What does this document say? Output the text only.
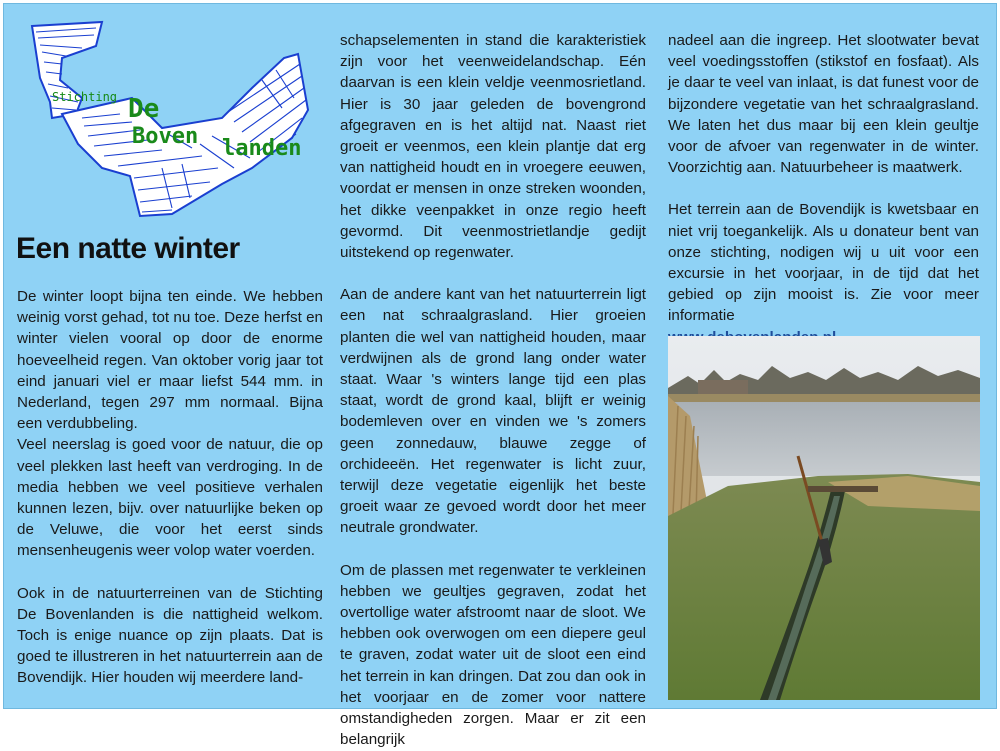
Stichting De
Boven landen
Een natte winter

De winter loopt bijna ten einde. We hebben weinig vorst gehad, tot nu toe. Deze herfst en winter vielen vooral op door de enorme hoeveelheid regen. Van oktober vorig jaar tot eind januari viel er maar liefst 544 mm. in Nederland, tegen 297 mm normaal. Bijna een verdubbeling.

Veel neerslag is goed voor de natuur, die op veel plekken last heeft van verdroging. In de media hebben we veel positieve verhalen kunnen lezen, bijv. over natuurlijke beken op de Veluwe, die voor het eerst sinds mensenheugenis weer volop water voerden.

Ook in de natuurterreinen van de Stichting De Bovenlanden is die nattigheid welkom. Toch is enige nuance op zijn plaats. Dat is goed te illustreren in het natuurterrein aan de Bovendijk. Hier houden wij meerdere land-

schapselementen in stand die karakteristiek zijn voor het veenweidelandschap. Eén daarvan is een klein veldje veenmosrietland. Hier is 30 jaar geleden de bovengrond afgegraven en is het altijd nat. Naast riet groeit er veenmos, een klein plantje dat erg van nattigheid houdt en in vroegere eeuwen, voordat er mensen in onze streken woonden, het dikke veenpakket in onze regio heeft gevormd. Dit veenmostrietlandje gedijt uitstekend op regenwater.

Aan de andere kant van het natuurterrein ligt een nat schraalgrasland. Hier groeien planten die wel van nattigheid houden, maar verdwijnen als de grond lang onder water staat. Waar 's winters lange tijd een plas staat, wordt de grond kaal, blijft er weinig bodemleven over en vinden we 's zomers geen zonnedauw, blauwe zegge of orchideeën. Het regenwater is licht zuur, terwijl deze vegetatie eigenlijk het beste groeit waar ze gevoed wordt door het meer neutrale grondwater.

Om de plassen met regenwater te verkleinen hebben we geultjes gegraven, zodat het overtollige water afstroomt naar de sloot. We hebben ook overwogen om een diepere geul te graven, zodat water uit de sloot een eind het terrein in kan dringen. Dat zou dan ook in het voorjaar en de zomer voor nattere omstandigheden zorgen. Maar er zit een belangrijk

nadeel aan die ingreep. Het slootwater bevat veel voedingsstoffen (stikstof en fosfaat). Als je daar te veel van inlaat, is dat funest voor de bijzondere vegetatie van het schraalgrasland. We laten het dus maar bij een klein geultje voor de afvoer van regenwater in de winter. Voorzichtig aan. Natuurbeheer is maatwerk.

Het terrein aan de Bovendijk is kwetsbaar en niet vrij toegankelijk. Als u donateur bent van onze stichting, nodigen wij u uit voor een excursie in het voorjaar, in de tijd dat het gebied op zijn mooist is. Zie voor meer informatie
